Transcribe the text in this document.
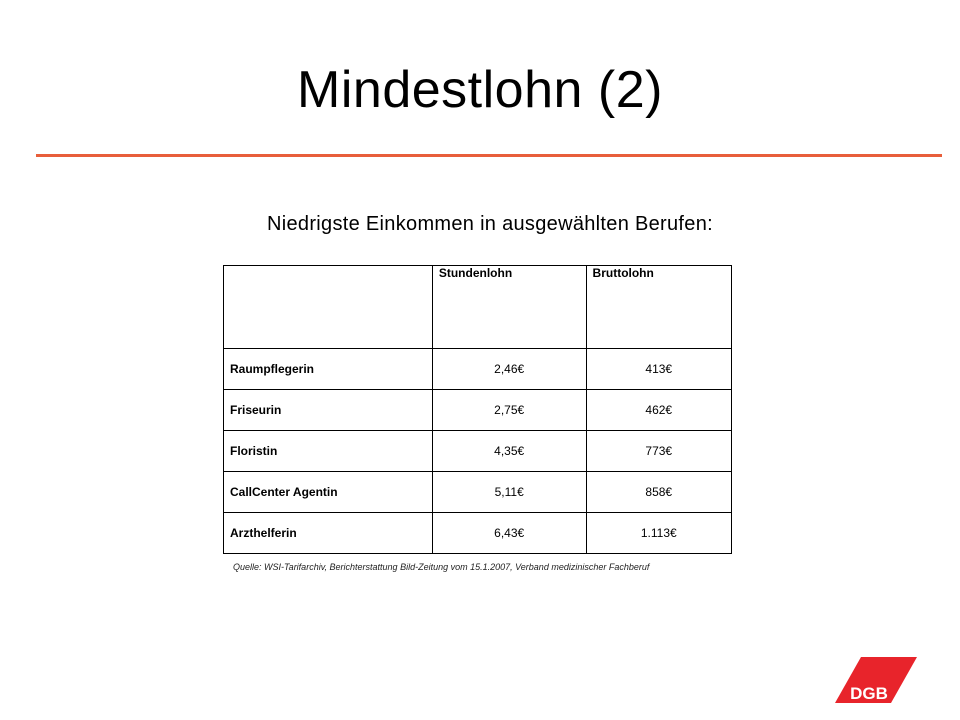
Mindestlohn (2)
Niedrigste Einkommen in ausgewählten Berufen:
	Stundenlohn	Bruttolohn
Raumpflegerin	2,46€	413€
Friseurin	2,75€	462€
Floristin	4,35€	773€
CallCenter Agentin	5,11€	858€
Arzthelferin	6,43€	1.113€
Quelle: WSI-Tarifarchiv, Berichterstattung Bild-Zeitung vom 15.1.2007, Verband medizinischer Fachberuf
DGB
